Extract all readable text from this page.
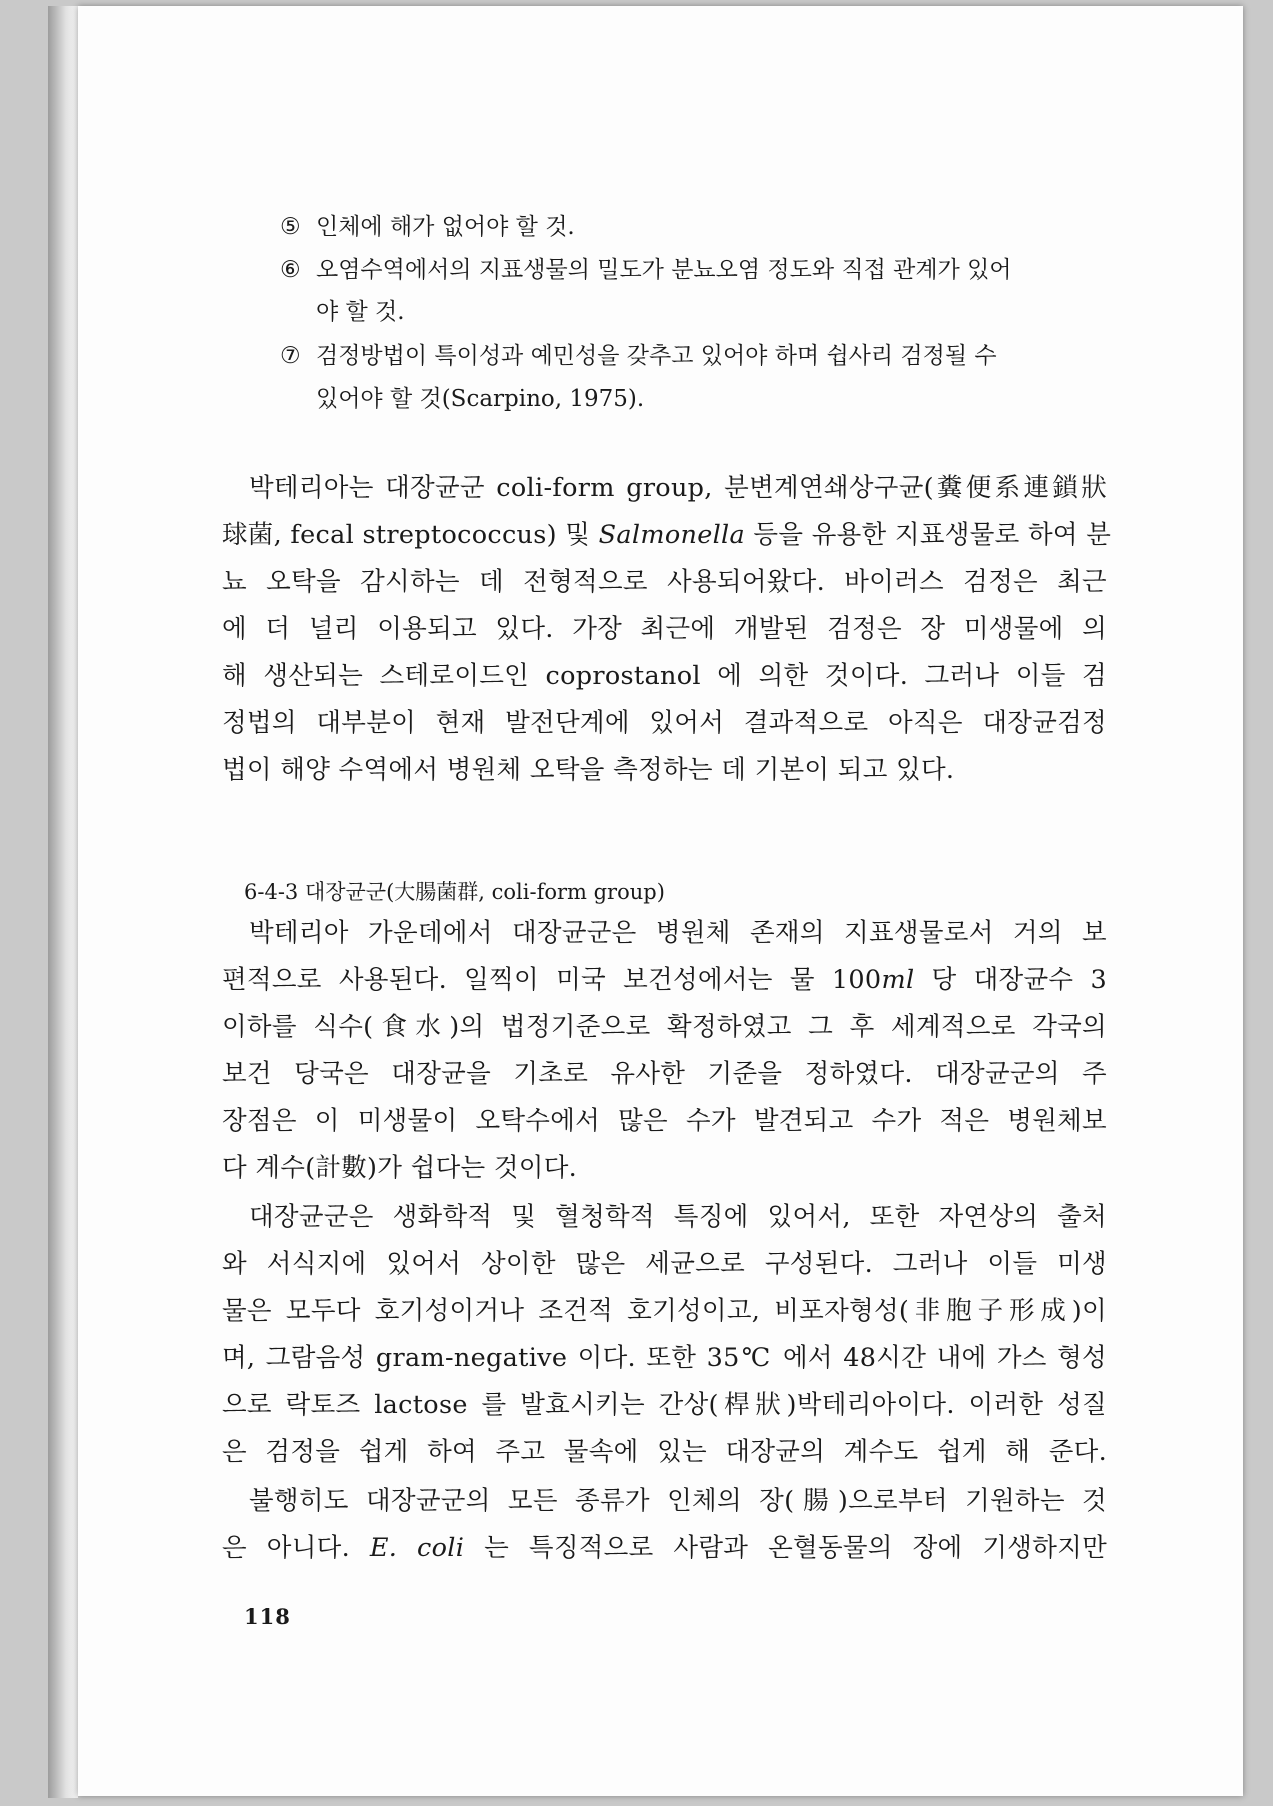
⑤ 인체에 해가 없어야 할 것.
⑥ 오염수역에서의 지표생물의 밀도가 분뇨오염 정도와 직접 관계가 있어
야 할 것.
⑦ 검정방법이 특이성과 예민성을 갖추고 있어야 하며 쉽사리 검정될 수
있어야 할 것(Scarpino, 1975).
박테리아는 대장균군 coli-form group, 분변계연쇄상구균(糞便系連鎖狀
球菌, fecal streptococcus) 및 Salmonella 등을 유용한 지표생물로 하여 분
뇨 오탁을 감시하는 데 전형적으로 사용되어왔다. 바이러스 검정은 최근
에 더 널리 이용되고 있다. 가장 최근에 개발된 검정은 장 미생물에 의
해 생산되는 스테로이드인 coprostanol 에 의한 것이다. 그러나 이들 검
정법의 대부분이 현재 발전단계에 있어서 결과적으로 아직은 대장균검정
법이 해양 수역에서 병원체 오탁을 측정하는 데 기본이 되고 있다.
6-4-3 대장균군(大腸菌群, coli-form group)
박테리아 가운데에서 대장균군은 병원체 존재의 지표생물로서 거의 보
편적으로 사용된다. 일찍이 미국 보건성에서는 물 100ml 당 대장균수 3
이하를 식수(食水)의 법정기준으로 확정하였고 그 후 세계적으로 각국의
보건 당국은 대장균을 기초로 유사한 기준을 정하였다. 대장균군의 주
장점은 이 미생물이 오탁수에서 많은 수가 발견되고 수가 적은 병원체보
다 계수(計數)가 쉽다는 것이다.
대장균군은 생화학적 및 혈청학적 특징에 있어서, 또한 자연상의 출처
와 서식지에 있어서 상이한 많은 세균으로 구성된다. 그러나 이들 미생
물은 모두다 호기성이거나 조건적 호기성이고, 비포자형성(非胞子形成)이
며, 그람음성 gram-negative 이다. 또한 35℃ 에서 48시간 내에 가스 형성
으로 락토즈 lactose 를 발효시키는 간상(桿狀)박테리아이다. 이러한 성질
은 검정을 쉽게 하여 주고 물속에 있는 대장균의 계수도 쉽게 해 준다.
불행히도 대장균군의 모든 종류가 인체의 장(腸)으로부터 기원하는 것
은 아니다. E. coli 는 특징적으로 사람과 온혈동물의 장에 기생하지만
118
